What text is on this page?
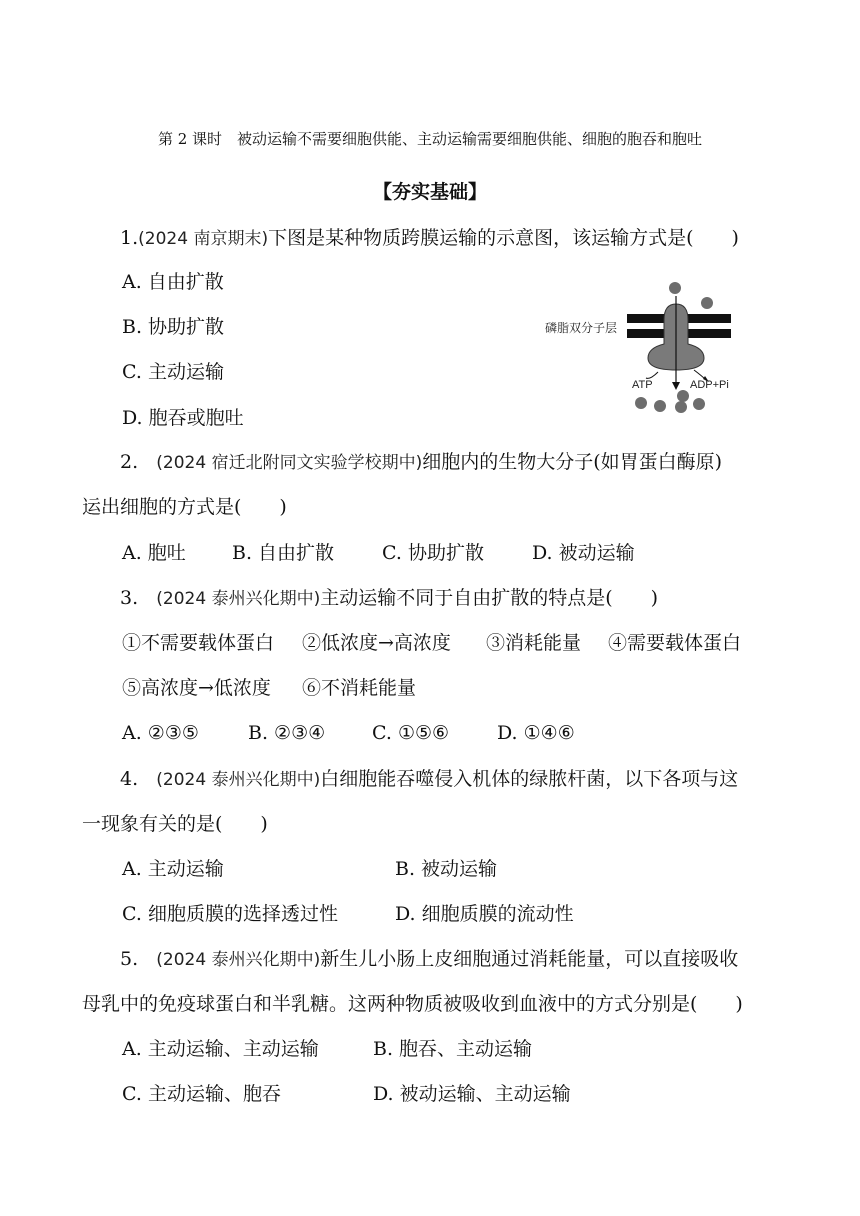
第 2 课时　被动运输不需要细胞供能、主动运输需要细胞供能、细胞的胞吞和胞吐
【夯实基础】
1.(2024 南京期末)下图是某种物质跨膜运输的示意图，该运输方式是(　　)
A. 自由扩散
B. 协助扩散
C. 主动运输
D. 胞吞或胞吐
磷脂双分子层
ATP	ADP+Pi
2. (2024 宿迁北附同文实验学校期中)细胞内的生物大分子(如胃蛋白酶原)
运出细胞的方式是(　　)
A. 胞吐 B. 自由扩散	C. 协助扩散	D. 被动运输
3. (2024 泰州兴化期中)主动运输不同于自由扩散的特点是(　　)
①不需要载体蛋白 ②低浓度→高浓度 ③消耗能量 ④需要载体蛋白
⑤高浓度→低浓度 ⑥不消耗能量
A. ②③⑤	B. ②③④ C. ①⑤⑥	D. ①④⑥
4. (2024 泰州兴化期中)白细胞能吞噬侵入机体的绿脓杆菌，以下各项与这
一现象有关的是(　　)
A. 主动运输	B. 被动运输
C. 细胞质膜的选择透过性	D. 细胞质膜的流动性
5. (2024 泰州兴化期中)新生儿小肠上皮细胞通过消耗能量，可以直接吸收
母乳中的免疫球蛋白和半乳糖。这两种物质被吸收到血液中的方式分别是(　　)
A. 主动运输、主动运输	B. 胞吞、主动运输
C. 主动运输、胞吞	D. 被动运输、主动运输
